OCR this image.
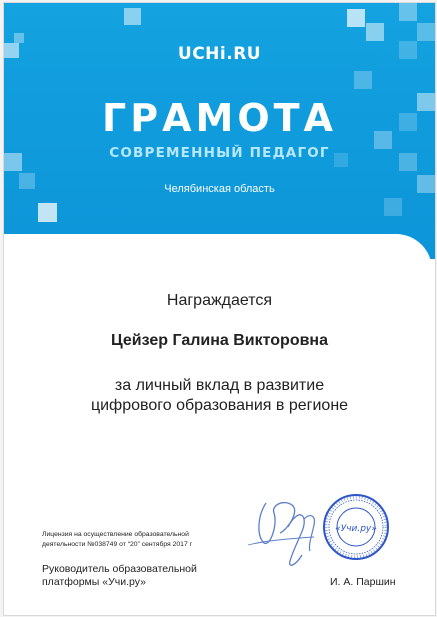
UCHi.RU
ГРАМОТА
СОВРЕМЕННЫЙ ПЕДАГОГ
Челябинская область
Награждается
Цейзер Галина Викторовна
за личный вклад в развитие
цифрового образования в регионе
Лицензия на осуществление образовательной
деятельности №038749 от “20” сентября 2017 г
Руководитель образовательной
платформы «Учи.ру»
«Учи.ру»
И. А. Паршин
